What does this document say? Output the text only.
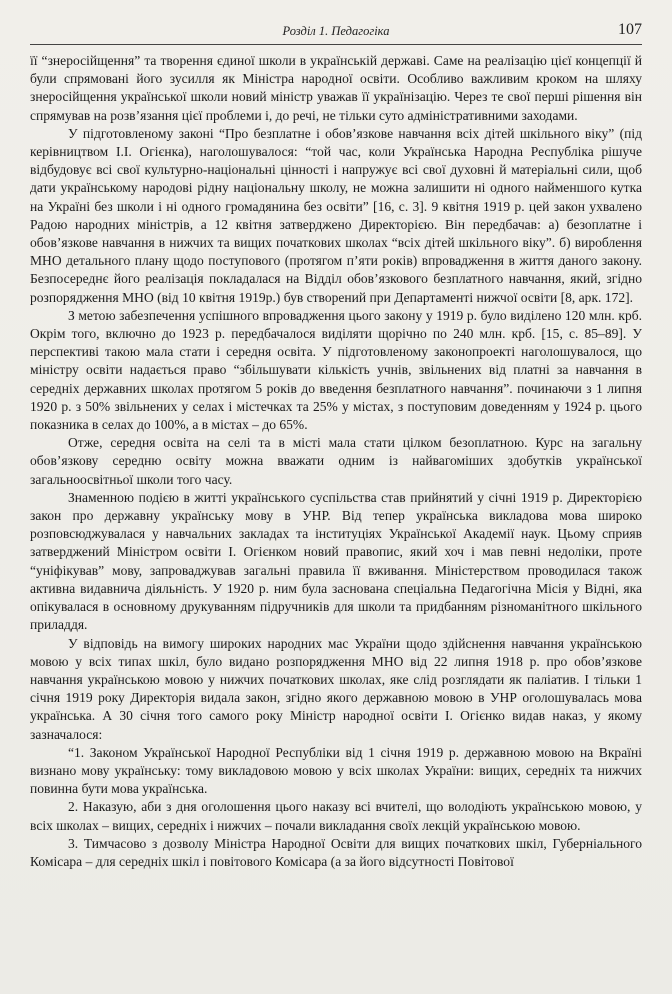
Розділ 1. Педагогіка	107

її “знеросійщення” та творення єдиної школи в українській державі. Саме на реалізацію цієї концепції й були спрямовані його зусилля як Міністра народної освіти. Особливо важливим кроком на шляху знеросійщення української школи новий міністр уважав її українізацію. Через те свої перші рішення він спрямував на розв’язання цієї проблеми і, до речі, не тільки суто адміністративними заходами.

У підготовленому законі “Про безплатне і обов’язкове навчання всіх дітей шкільного віку” (під керівництвом І.І. Огієнка), наголошувалося: “той час, коли Українська Народна Республіка рішуче відбудовує всі свої культурно-національні цінності і напружує всі свої духовні й матеріальні сили, щоб дати українському народові рідну національну школу, не можна залишити ні одного найменшого кутка на Україні без школи і ні одного громадянина без освіти” [16, с. 3]. 9 квітня 1919 р. цей закон ухвалено Радою народних міністрів, а 12 квітня затверджено Директорією. Він передбачав: а) безоплатне і обов’язкове навчання в нижчих та вищих початкових школах “всіх дітей шкільного віку”. б) вироблення МНО детального плану щодо поступового (протягом п’яти років) впровадження в життя даного закону. Безпосереднє його реалізація покладалася на Відділ обов’язкового безплатного навчання, який, згідно розпорядження МНО (від 10 квітня 1919р.) був створений при Департаменті нижчої освіти [8, арк. 172].

З метою забезпечення успішного впровадження цього закону у 1919 р. було виділено 120 млн. крб. Окрім того, включно до 1923 р. передбачалося виділяти щорічно по 240 млн. крб. [15, с. 85–89]. У перспективі такою мала стати і середня освіта. У підготовленому законопроекті наголошувалося, що міністру освіти надається право “збільшувати кількість учнів, звільнених від платні за навчання в середніх державних школах протягом 5 років до введення безплатного навчання”. починаючи з 1 липня 1920 р. з 50% звільнених у селах і містечках та 25% у містах, з поступовим доведенням у 1924 р. цього показника в селах до 100%, а в містах – до 65%.

Отже, середня освіта на селі та в місті мала стати цілком безоплатною. Курс на загальну обов’язкову середню освіту можна вважати одним із найвагоміших здобутків української загальноосвітньої школи того часу.

Знаменною подією в житті українського суспільства став прийнятий у січні 1919 р. Директорією закон про державну українську мову в УНР. Від тепер українська викладова мова широко розповсюджувалася у навчальних закладах та інституціях Української Академії наук. Цьому сприяв затверджений Міністром освіти І. Огієнком новий правопис, який хоч і мав певні недоліки, проте “уніфікував” мову, запроваджував загальні правила її вживання. Міністерством проводилася також активна видавнича діяльність. У 1920 р. ним була заснована спеціальна Педагогічна Місія у Відні, яка опікувалася в основному друкуванням підручників для школи та придбанням різноманітного шкільного приладдя.

У відповідь на вимогу широких народних мас України щодо здійснення навчання українською мовою у всіх типах шкіл, було видано розпорядження МНО від 22 липня 1918 р. про обов’язкове навчання українською мовою у нижчих початкових школах, яке слід розглядати як паліатив. І тільки 1 січня 1919 року Директорія видала закон, згідно якого державною мовою в УНР оголошувалась мова українська. А 30 січня того самого року Міністр народної освіти І. Огієнко видав наказ, у якому зазначалося:

“1. Законом Української Народної Республіки від 1 січня 1919 р. державною мовою на Вкраїні визнано мову українську: тому викладовою мовою у всіх школах України: вищих, середніх та нижчих повинна бути мова українська.

2. Наказую, аби з дня оголошення цього наказу всі вчителі, що володіють українською мовою, у всіх школах – вищих, середніх і нижчих – почали викладання своїх лекцій українською мовою.

3. Тимчасово з дозволу Міністра Народної Освіти для вищих початкових шкіл, Губерніального Комісара – для середніх шкіл і повітового Комісара (а за його відсутності Повітової
